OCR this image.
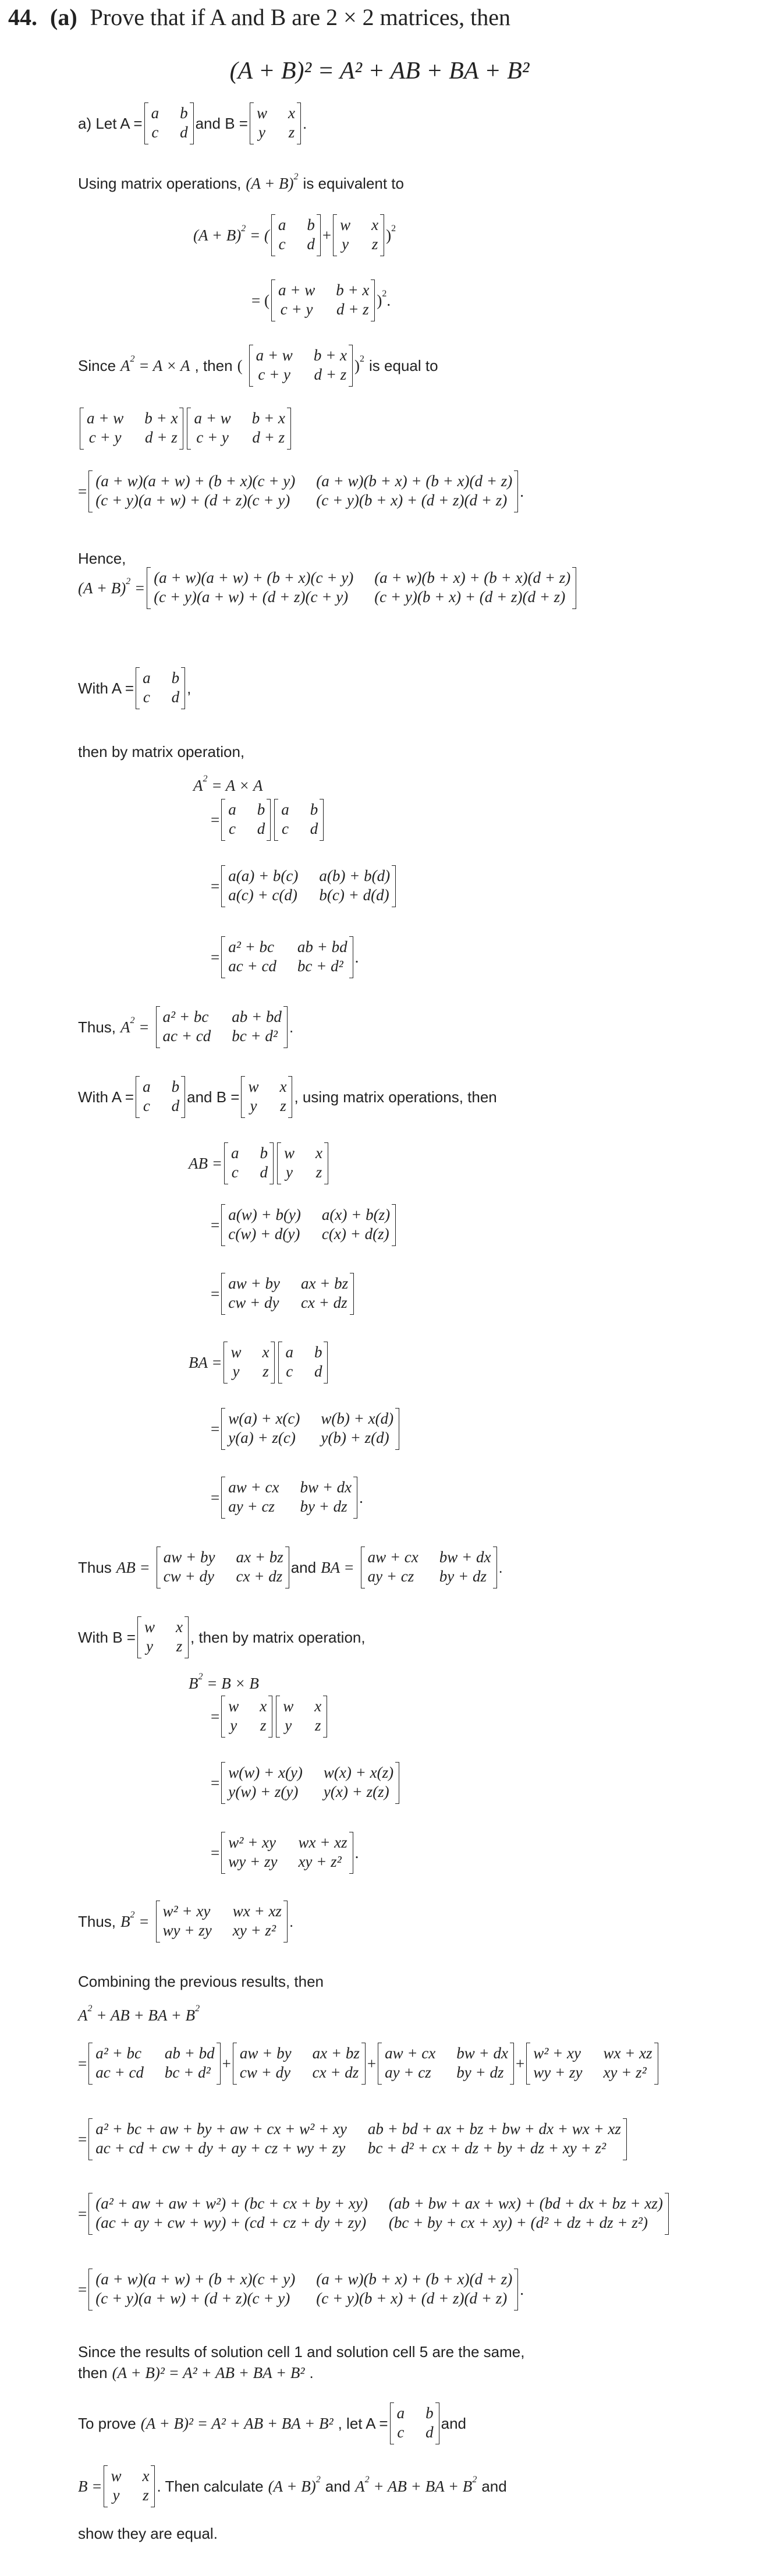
44. (a) Prove that if A and B are 2 × 2 matrices, then
(A + B)² = A² + AB + BA + B²
a) Let A =
a	b
c	d
and B =
w	x
y	z
.
Using matrix operations, $(A + B)^2$ is equivalent to
$(A + B)^2$ = (
a	b
c	d
+
w	x
y	z
)$^2$
= (
a + w	b + x
c + y	d + z
)$^2$.
Since $A^2 = A \times A$ , then (
a + w	b + x
c + y	d + z
)$^2$ is equal to
a + w	b + x
c + y	d + z
a + w	b + x
c + y	d + z
=
(a + w)(a + w) + (b + x)(c + y)	(a + w)(b + x) + (b + x)(d + z)
(c + y)(a + w) + (d + z)(c + y)	(c + y)(b + x) + (d + z)(d + z)
.
Hence,
$(A + B)^2$ =
(a + w)(a + w) + (b + x)(c + y)	(a + w)(b + x) + (b + x)(d + z)
(c + y)(a + w) + (d + z)(c + y)	(c + y)(b + x) + (d + z)(d + z)
With A =
a	b
c	d
,
then by matrix operation,
$A^2 = A \times A$
=
a	b
c	d
a	b
c	d
=
a(a) + b(c)	a(b) + b(d)
a(c) + c(d)	b(c) + d(d)
=
a² + bc	ab + bd
ac + cd	bc + d²
.
Thus, $A^2$ =
a² + bc	ab + bd
ac + cd	bc + d²
.
With A =
a	b
c	d
and B =
w	x
y	z
, using matrix operations, then
AB =
a	b
c	d
w	x
y	z
=
a(w) + b(y)	a(x) + b(z)
c(w) + d(y)	c(x) + d(z)
=
aw + by	ax + bz
cw + dy	cx + dz
BA =
w	x
y	z
a	b
c	d
=
w(a) + x(c)	w(b) + x(d)
y(a) + z(c)	y(b) + z(d)
=
aw + cx	bw + dx
ay + cz	by + dz
.
Thus AB =
aw + by	ax + bz
cw + dy	cx + dz
and BA =
aw + cx	bw + dx
ay + cz	by + dz
.
With B =
w	x
y	z
, then by matrix operation,
$B^2 = B \times B$
=
w	x
y	z
w	x
y	z
=
w(w) + x(y)	w(x) + x(z)
y(w) + z(y)	y(x) + z(z)
=
w² + xy	wx + xz
wy + zy	xy + z²
.
Thus, $B^2$ =
w² + xy	wx + xz
wy + zy	xy + z²
.
Combining the previous results, then
$A^2$ + AB + BA + $B^2$
=
a² + bc	ab + bd
ac + cd	bc + d²
+
aw + by	ax + bz
cw + dy	cx + dz
+
aw + cx	bw + dx
ay + cz	by + dz
+
w² + xy	wx + xz
wy + zy	xy + z²
=
a² + bc + aw + by + aw + cx + w² + xy	ab + bd + ax + bz + bw + dx + wx + xz
ac + cd + cw + dy + ay + cz + wy + zy	bc + d² + cx + dz + by + dz + xy + z²
=
(a² + aw + aw + w²) + (bc + cx + by + xy)	(ab + bw + ax + wx) + (bd + dx + bz + xz)
(ac + ay + cw + wy) + (cd + cz + dy + zy)	(bc + by + cx + xy) + (d² + dz + dz + z²)
=
(a + w)(a + w) + (b + x)(c + y)	(a + w)(b + x) + (b + x)(d + z)
(c + y)(a + w) + (d + z)(c + y)	(c + y)(b + x) + (d + z)(d + z)
.
Since the results of solution cell 1 and solution cell 5 are the same,
then (A + B)² = A² + AB + BA + B² .
To prove (A + B)² = A² + AB + BA + B² , let A =
a	b
c	d
and
B =
w	x
y	z
. Then calculate $(A + B)^2$ and $A^2$ + AB + BA + $B^2$ and
show they are equal.
